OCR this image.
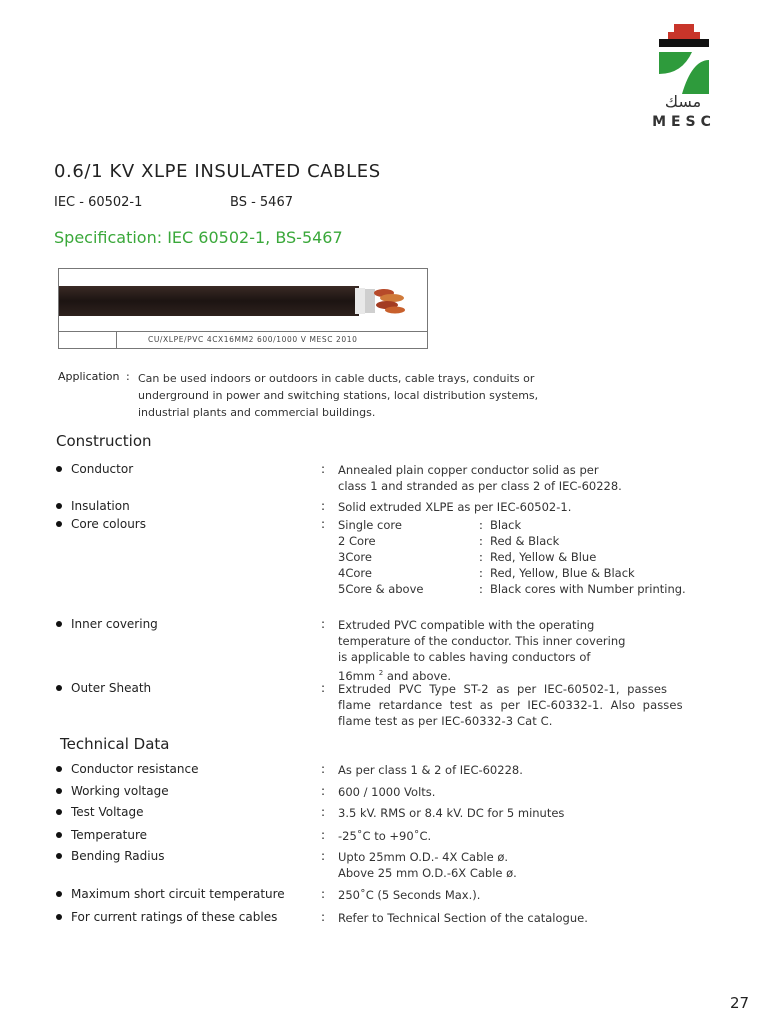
مسك
MESC
0.6/1 KV XLPE INSULATED CABLES
IEC - 60502-1	BS - 5467
Specification: IEC 60502-1, BS-5467
CU/XLPE/PVC 4CX16MM2 600/1000 V MESC 2010
Application : Can be used indoors or outdoors in cable ducts, cable trays, conduits or
underground in power and switching stations, local distribution systems,
industrial plants and commercial buildings.
Construction
Conductor	: Annealed plain copper conductor solid as per
class 1 and stranded as per class 2 of IEC-60228.
Insulation	: Solid extruded XLPE as per IEC-60502-1.
Core colours	: Single core	: Black
2 Core	: Red & Black
3Core	: Red, Yellow & Blue
4Core	: Red, Yellow, Blue & Black
5Core & above	: Black cores with Number printing.
Inner covering	: Extruded PVC compatible with the operating
temperature of the conductor. This inner covering
is applicable to cables having conductors of
16mm $^2$ and above.
Outer Sheath	: Extruded  PVC  Type  ST-2  as  per  IEC-60502-1,  passes
flame  retardance  test  as  per  IEC-60332-1.  Also  passes
flame test as per IEC-60332-3 Cat C.
Technical Data
Conductor resistance	: As per class 1 & 2 of IEC-60228.
Working voltage	: 600 / 1000 Volts.
Test Voltage	: 3.5 kV. RMS or 8.4 kV. DC for 5 minutes
Temperature	: -25˚C to +90˚C.
Bending Radius	: Upto 25mm O.D.- 4X Cable ø.
Above 25 mm O.D.-6X Cable ø.
Maximum short circuit temperature	: 250˚C (5 Seconds Max.).
For current ratings of these cables	: Refer to Technical Section of the catalogue.
27
